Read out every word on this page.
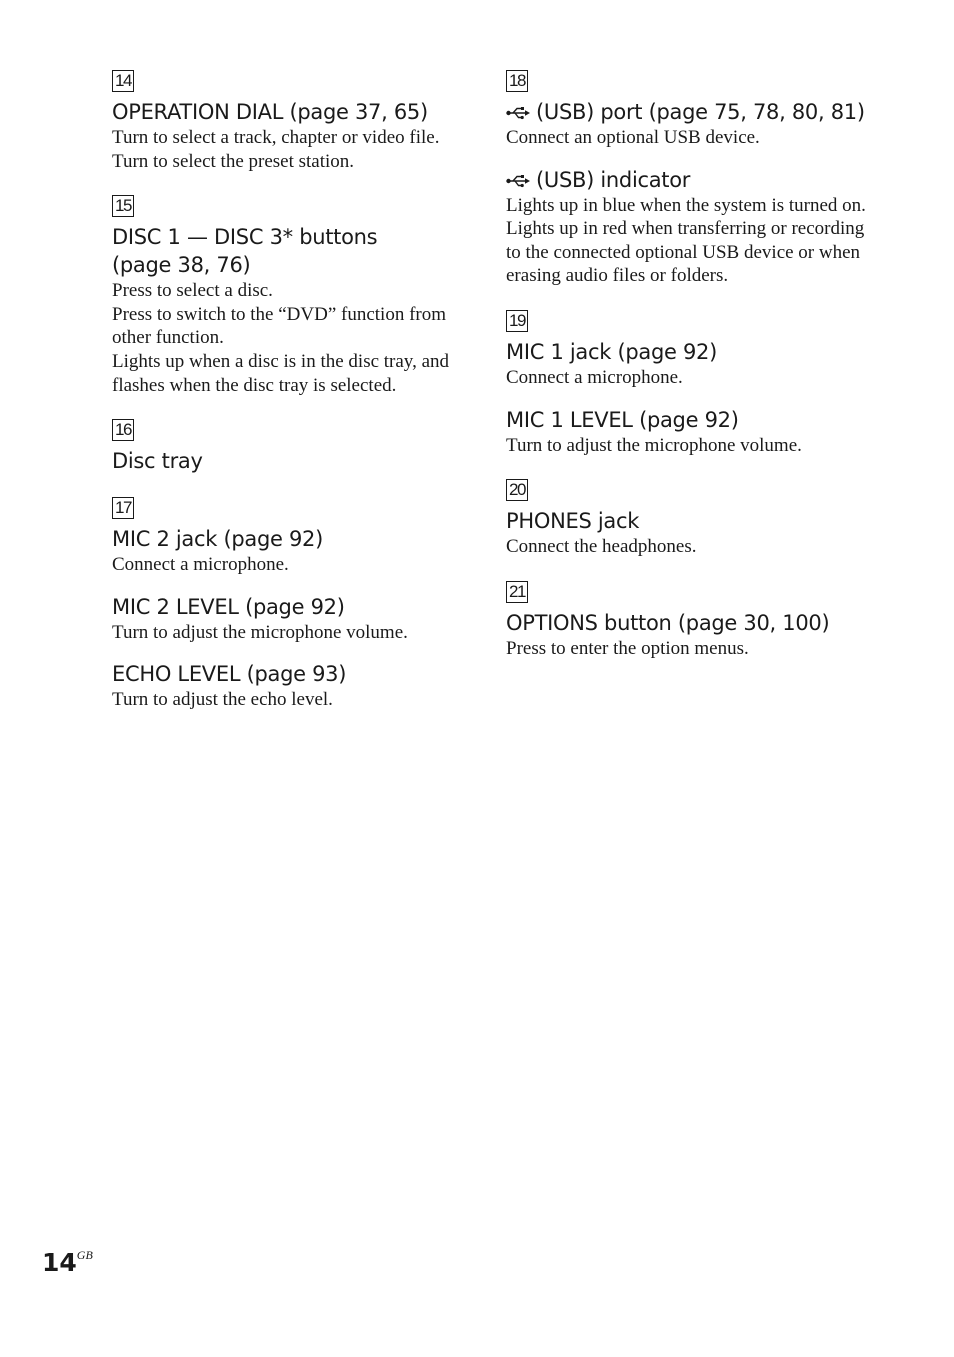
14

OPERATION DIAL (page 37, 65)

Turn to select a track, chapter or video file.

Turn to select the preset station.

15

DISC 1 — DISC 3* buttons (page 38, 76)

Press to select a disc.

Press to switch to the “DVD” function from other function.

Lights up when a disc is in the disc tray, and flashes when the disc tray is selected.

16

Disc tray

17

MIC 2 jack (page 92)

Connect a microphone.

MIC 2 LEVEL (page 92)

Turn to adjust the microphone volume.

ECHO LEVEL (page 93)

Turn to adjust the echo level.

18

(USB) port (page 75, 78, 80, 81)

Connect an optional USB device.

(USB) indicator

Lights up in blue when the system is turned on.

Lights up in red when transferring or recording to the connected optional USB device or when erasing audio files or folders.

19

MIC 1 jack (page 92)

Connect a microphone.

MIC 1 LEVEL (page 92)

Turn to adjust the microphone volume.

20

PHONES jack

Connect the headphones.

21

OPTIONS button (page 30, 100)

Press to enter the option menus.

$14^{GB}$
